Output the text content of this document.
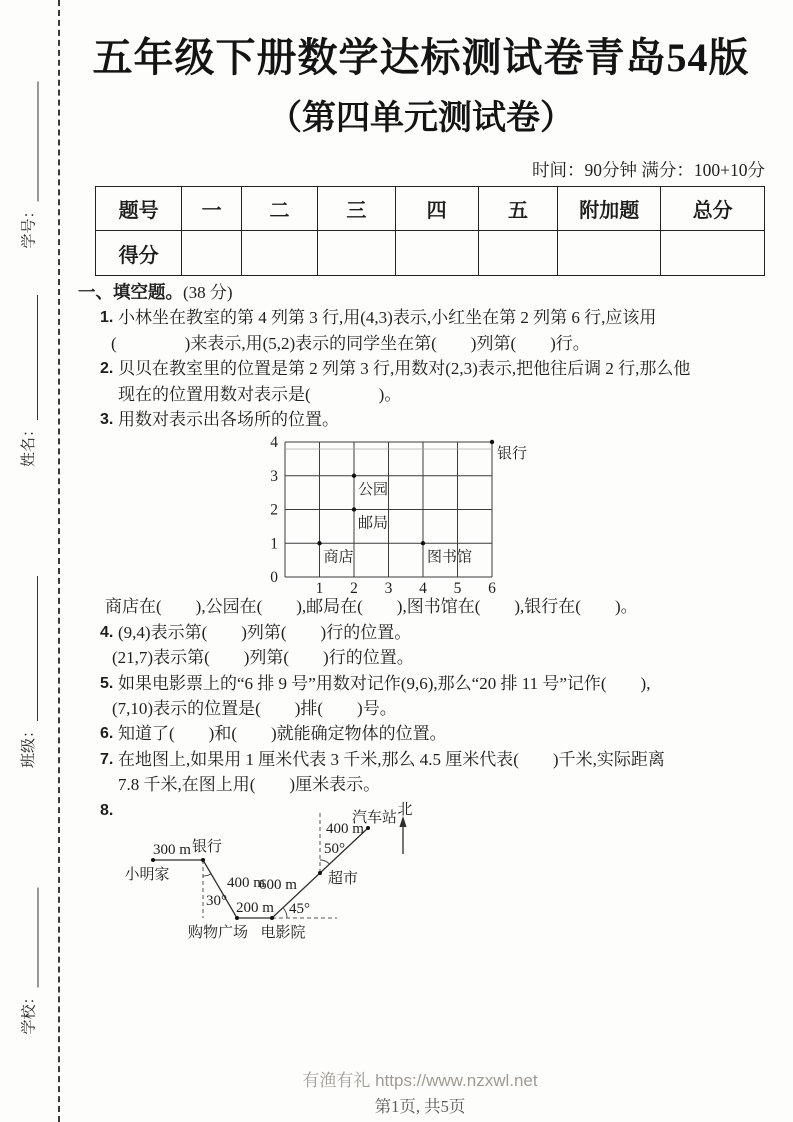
学号：
姓名：
班级：
学校：
五年级下册数学达标测试卷青岛54版
（第四单元测试卷）
时间：90分钟 满分：100+10分
题号	一	二	三	四	五	附加题	总分
得分							
一、填空题。(38 分)
1. 小林坐在教室的第 4 列第 3 行,用(4,3)表示,小红坐在第 2 列第 6 行,应该用
(　　　　)来表示,用(5,2)表示的同学坐在第(　　)列第(　　)行。
2. 贝贝在教室里的位置是第 2 列第 3 行,用数对(2,3)表示,把他往后调 2 行,那么他
现在的位置用数对表示是(　　　　)。
3. 用数对表示出各场所的位置。
0
1
2
3
4
1 2 3 4 5 6
商店
公园
邮局
图书馆
银行
商店在(　　),公园在(　　),邮局在(　　),图书馆在(　　),银行在(　　)。
4. (9,4)表示第(　　)列第(　　)行的位置。
(21,7)表示第(　　)列第(　　)行的位置。
5. 如果电影票上的“6 排 9 号”用数对记作(9,6),那么“20 排 11 号”记作(　　),
(7,10)表示的位置是(　　)排(　　)号。
6. 知道了(　　)和(　　)就能确定物体的位置。
7. 在地图上,如果用 1 厘米代表 3 千米,那么 4.5 厘米代表(　　)千米,实际距离
7.8 千米,在图上用(　　)厘米表示。
8.
小明家
银行
购物广场 电影院
超市
汽车站
300 m
400 m
30° 200 m
600 m
45°
400 m
50°
北
有渔有礼 https://www.nzxwl.net
第1页, 共5页
